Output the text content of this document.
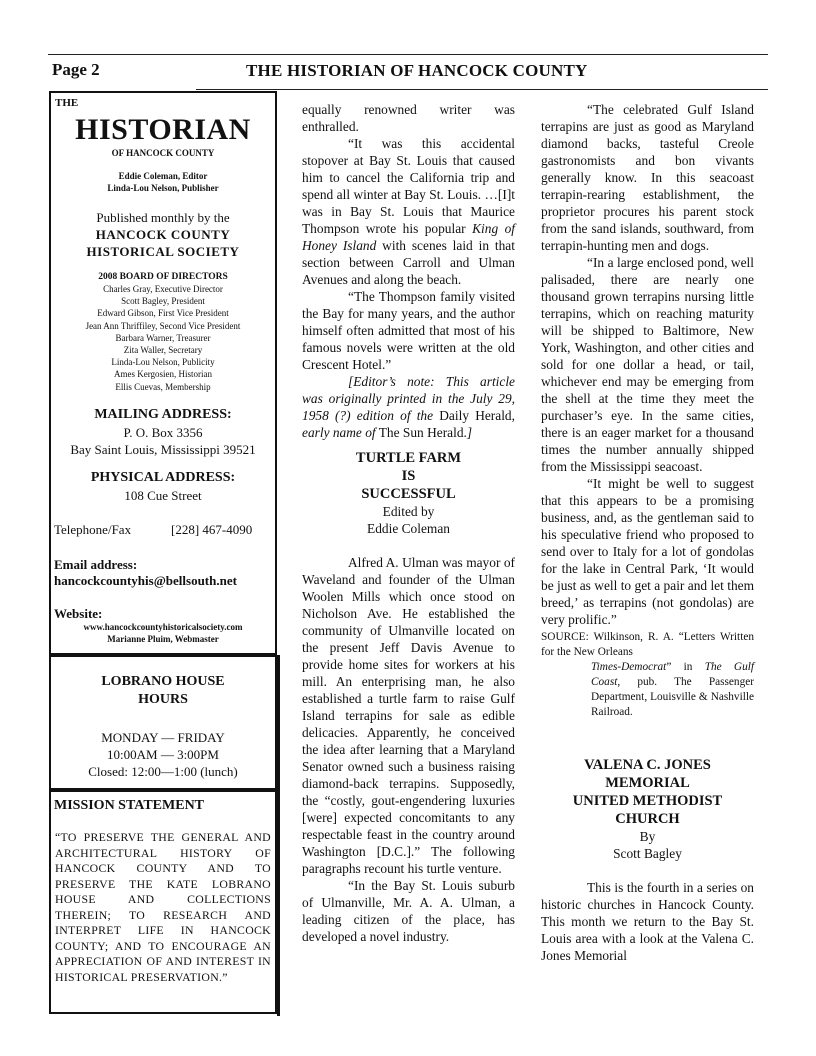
Page 2	THE HISTORIAN OF HANCOCK COUNTY
THE
HISTORIAN
OF HANCOCK COUNTY
Eddie Coleman, Editor
Linda-Lou Nelson, Publisher
Published monthly by the
HANCOCK COUNTY
HISTORICAL SOCIETY
2008 BOARD OF DIRECTORS
Charles Gray, Executive Director
Scott Bagley, President
Edward Gibson, First Vice President
Jean Ann Thriffiley, Second Vice President
Barbara Warner, Treasurer
Zita Waller, Secretary
Linda-Lou Nelson, Publicity
Ames Kergosien, Historian
Ellis Cuevas, Membership
MAILING ADDRESS:
P. O. Box 3356
Bay Saint Louis, Mississippi 39521
PHYSICAL ADDRESS:
108 Cue Street
Telephone/Fax	[228] 467-4090
Email address:
hancockcountyhis@bellsouth.net
Website:
www.hancockcountyhistoricalsociety.com
Marianne Pluim, Webmaster
LOBRANO HOUSE
HOURS
MONDAY — FRIDAY
10:00AM — 3:00PM
Closed: 12:00—1:00 (lunch)
MISSION STATEMENT
“TO PRESERVE THE GENERAL AND ARCHITECTURAL HISTORY OF HANCOCK COUNTY AND TO PRESERVE THE KATE LOBRANO HOUSE AND COLLECTIONS THEREIN; TO RESEARCH AND INTERPRET LIFE IN HANCOCK COUNTY; AND TO ENCOURAGE AN APPRECIATION OF AND INTEREST IN HISTORICAL PRESERVATION.”

equally renowned writer was enthralled.

“It was this accidental stopover at Bay St. Louis that caused him to cancel the California trip and spend all winter at Bay St. Louis. …[I]t was in Bay St. Louis that Maurice Thompson wrote his popular King of Honey Island with scenes laid in that section between Carroll and Ulman Avenues and along the beach.

“The Thompson family visited the Bay for many years, and the author himself often admitted that most of his famous novels were written at the old Crescent Hotel.”

[Editor’s note: This article was originally printed in the July 29, 1958 (?) edition of the Daily Herald, early name of The Sun Herald.]

TURTLE FARM

IS

SUCCESSFUL

Edited by

Eddie Coleman

Alfred A. Ulman was mayor of Waveland and founder of the Ulman Woolen Mills which once stood on Nicholson Ave. He established the community of Ulmanville located on the present Jeff Davis Avenue to provide home sites for workers at his mill. An enterprising man, he also established a turtle farm to raise Gulf Island terrapins for sale as edible delicacies. Apparently, he conceived the idea after learning that a Maryland Senator owned such a business raising diamond-back terrapins. Supposedly, the “costly, gout-engendering luxuries [were] expected concomitants to any respectable feast in the country around Washington [D.C.].” The following paragraphs recount his turtle venture.

“In the Bay St. Louis suburb of Ulmanville, Mr. A. A. Ulman, a leading citizen of the place, has developed a novel industry.

“The celebrated Gulf Island terrapins are just as good as Maryland diamond backs, tasteful Creole gastronomists and bon vivants generally know. In this seacoast terrapin-rearing establishment, the proprietor procures his parent stock from the sand islands, southward, from terrapin-hunting men and dogs.

“In a large enclosed pond, well palisaded, there are nearly one thousand grown terrapins nursing little terrapins, which on reaching maturity will be shipped to Baltimore, New York, Washington, and other cities and sold for one dollar a head, or tail, whichever end may be emerging from the shell at the time they meet the purchaser’s eye. In the same cities, there is an eager market for a thousand times the number annually shipped from the Mississippi seacoast.

“It might be well to suggest that this appears to be a promising business, and, as the gentleman said to his speculative friend who proposed to send over to Italy for a lot of gondolas for the lake in Central Park, ‘It would be just as well to get a pair and let them breed,’ as terrapins (not gondolas) are very prolific.”

SOURCE: Wilkinson, R. A. “Letters Written for the New Orleans
Times-Democrat” in The Gulf Coast, pub. The Passenger Department, Louisville & Nashville Railroad.

VALENA C. JONES

MEMORIAL

UNITED METHODIST

CHURCH

By

Scott Bagley

This is the fourth in a series on historic churches in Hancock County. This month we return to the Bay St. Louis area with a look at the Valena C. Jones Memorial
